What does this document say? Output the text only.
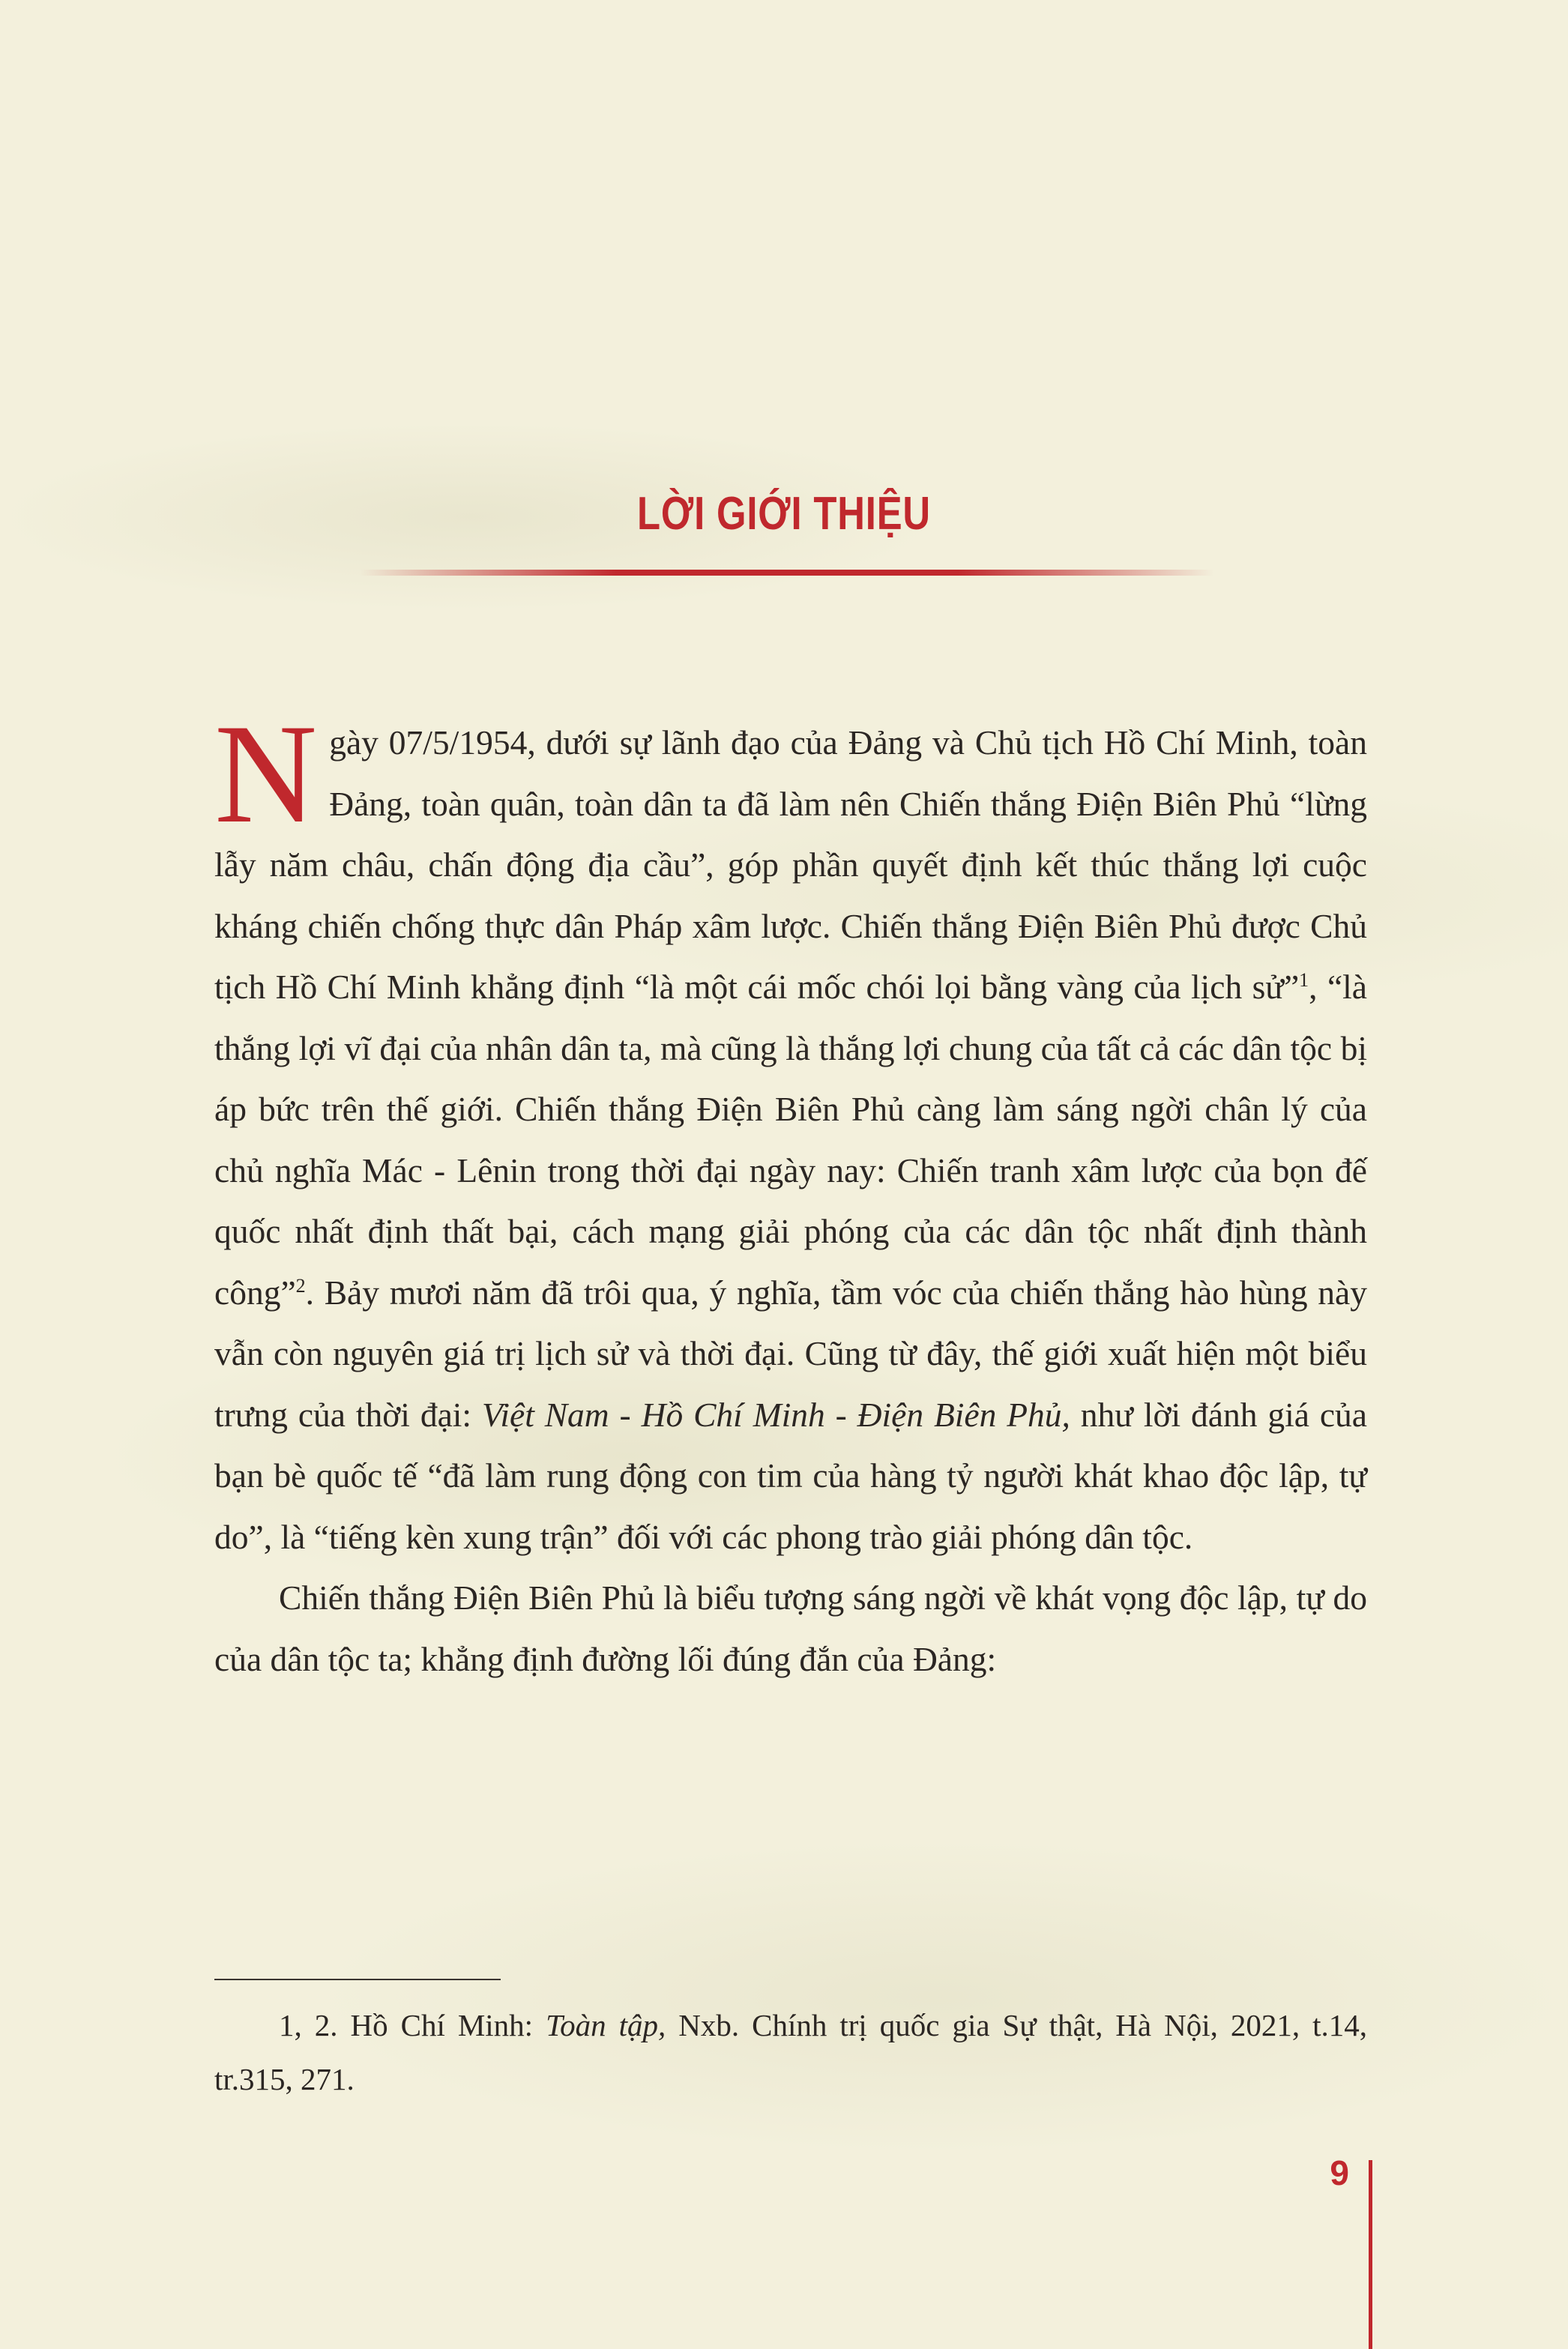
LỜI GIỚI THIỆU

Ngày 07/5/1954, dưới sự lãnh đạo của Đảng và Chủ tịch Hồ Chí Minh, toàn Đảng, toàn quân, toàn dân ta đã làm nên Chiến thắng Điện Biên Phủ “lừng lẫy năm châu, chấn động địa cầu”, góp phần quyết định kết thúc thắng lợi cuộc kháng chiến chống thực dân Pháp xâm lược. Chiến thắng Điện Biên Phủ được Chủ tịch Hồ Chí Minh khẳng định “là một cái mốc chói lọi bằng vàng của lịch sử”$^1$, “là thắng lợi vĩ đại của nhân dân ta, mà cũng là thắng lợi chung của tất cả các dân tộc bị áp bức trên thế giới. Chiến thắng Điện Biên Phủ càng làm sáng ngời chân lý của chủ nghĩa Mác - Lênin trong thời đại ngày nay: Chiến tranh xâm lược của bọn đế quốc nhất định thất bại, cách mạng giải phóng của các dân tộc nhất định thành công”$^2$. Bảy mươi năm đã trôi qua, ý nghĩa, tầm vóc của chiến thắng hào hùng này vẫn còn nguyên giá trị lịch sử và thời đại. Cũng từ đây, thế giới xuất hiện một biểu trưng của thời đại: Việt Nam - Hồ Chí Minh - Điện Biên Phủ, như lời đánh giá của bạn bè quốc tế “đã làm rung động con tim của hàng tỷ người khát khao độc lập, tự do”, là “tiếng kèn xung trận” đối với các phong trào giải phóng dân tộc.

Chiến thắng Điện Biên Phủ là biểu tượng sáng ngời về khát vọng độc lập, tự do của dân tộc ta; khẳng định đường lối đúng đắn của Đảng:

1, 2. Hồ Chí Minh: Toàn tập, Nxb. Chính trị quốc gia Sự thật, Hà Nội, 2021, t.14, tr.315, 271.

9
